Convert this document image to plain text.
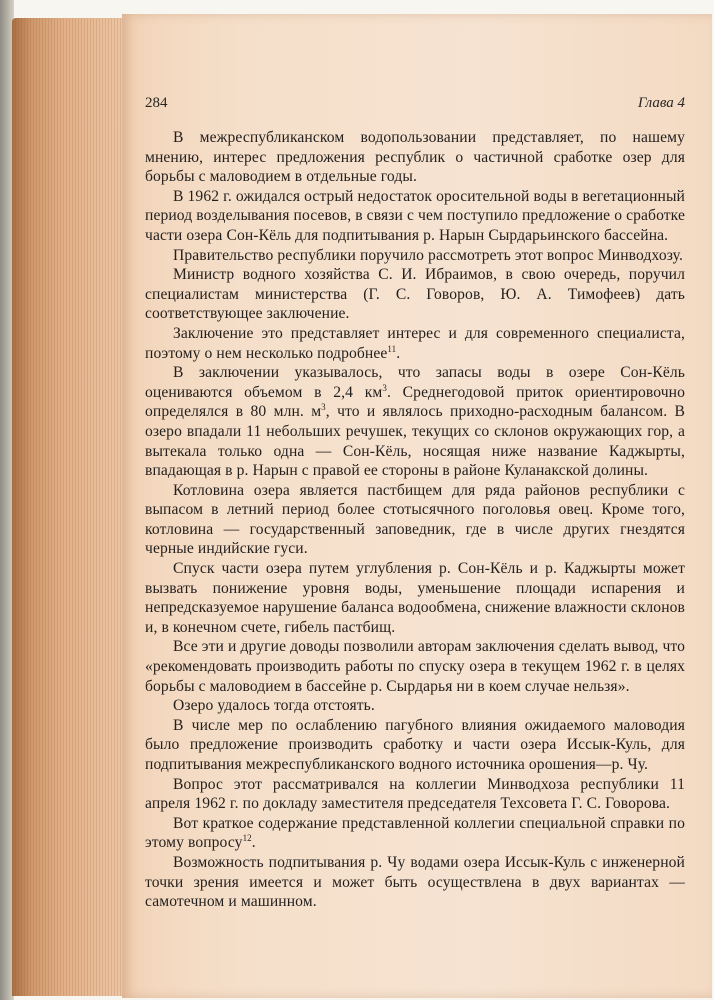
284	Глава 4

В межреспубликанском водопользовании представляет, по нашему мнению, интерес предложения республик о частичной сработке озер для борьбы с маловодием в отдельные годы.

В 1962 г. ожидался острый недостаток оросительной воды в вегетационный период возделывания посевов, в связи с чем поступило предложение о сработке части озера Сон-Кёль для подпитывания р. Нарын Сырдарьинского бассейна.

Правительство республики поручило рассмотреть этот вопрос Минводхозу.

Министр водного хозяйства С. И. Ибраимов, в свою очередь, поручил специалистам министерства (Г. С. Говоров, Ю. А. Тимофеев) дать соответствующее заключение.

Заключение это представляет интерес и для современного специалиста, поэтому о нем несколько подробнее$^{11}$.

В заключении указывалось, что запасы воды в озере Сон-Кёль оцениваются объемом в 2,4 $км^3$. Среднегодовой приток ориентировочно определялся в 80 млн. $м^3$, что и являлось приходно-расходным балансом. В озеро впадали 11 небольших речушек, текущих со склонов окружающих гор, а вытекала только одна — Сон-Кёль, носящая ниже название Каджырты, впадающая в р. Нарын с правой ее стороны в районе Куланакской долины.

Котловина озера является пастбищем для ряда районов республики с выпасом в летний период более стотысячного поголовья овец. Кроме того, котловина — государственный заповедник, где в числе других гнездятся черные индийские гуси.

Спуск части озера путем углубления р. Сон-Кёль и р. Каджырты может вызвать понижение уровня воды, уменьшение площади испарения и непредсказуемое нарушение баланса водообмена, снижение влажности склонов и, в конечном счете, гибель пастбищ.

Все эти и другие доводы позволили авторам заключения сделать вывод, что «рекомендовать производить работы по спуску озера в текущем 1962 г. в целях борьбы с маловодием в бассейне р. Сырдарья ни в коем случае нельзя».

Озеро удалось тогда отстоять.

В числе мер по ослаблению пагубного влияния ожидаемого маловодия было предложение производить сработку и части озера Иссык-Куль, для подпитывания межреспубликанского водного источника орошения—р. Чу.

Вопрос этот рассматривался на коллегии Минводхоза республики 11 апреля 1962 г. по докладу заместителя председателя Техсовета Г. С. Говорова.

Вот краткое содержание представленной коллегии специальной справки по этому вопросу$^{12}$.

Возможность подпитывания р. Чу водами озера Иссык-Куль с инженерной точки зрения имеется и может быть осуществлена в двух вариантах — самотечном и машинном.
